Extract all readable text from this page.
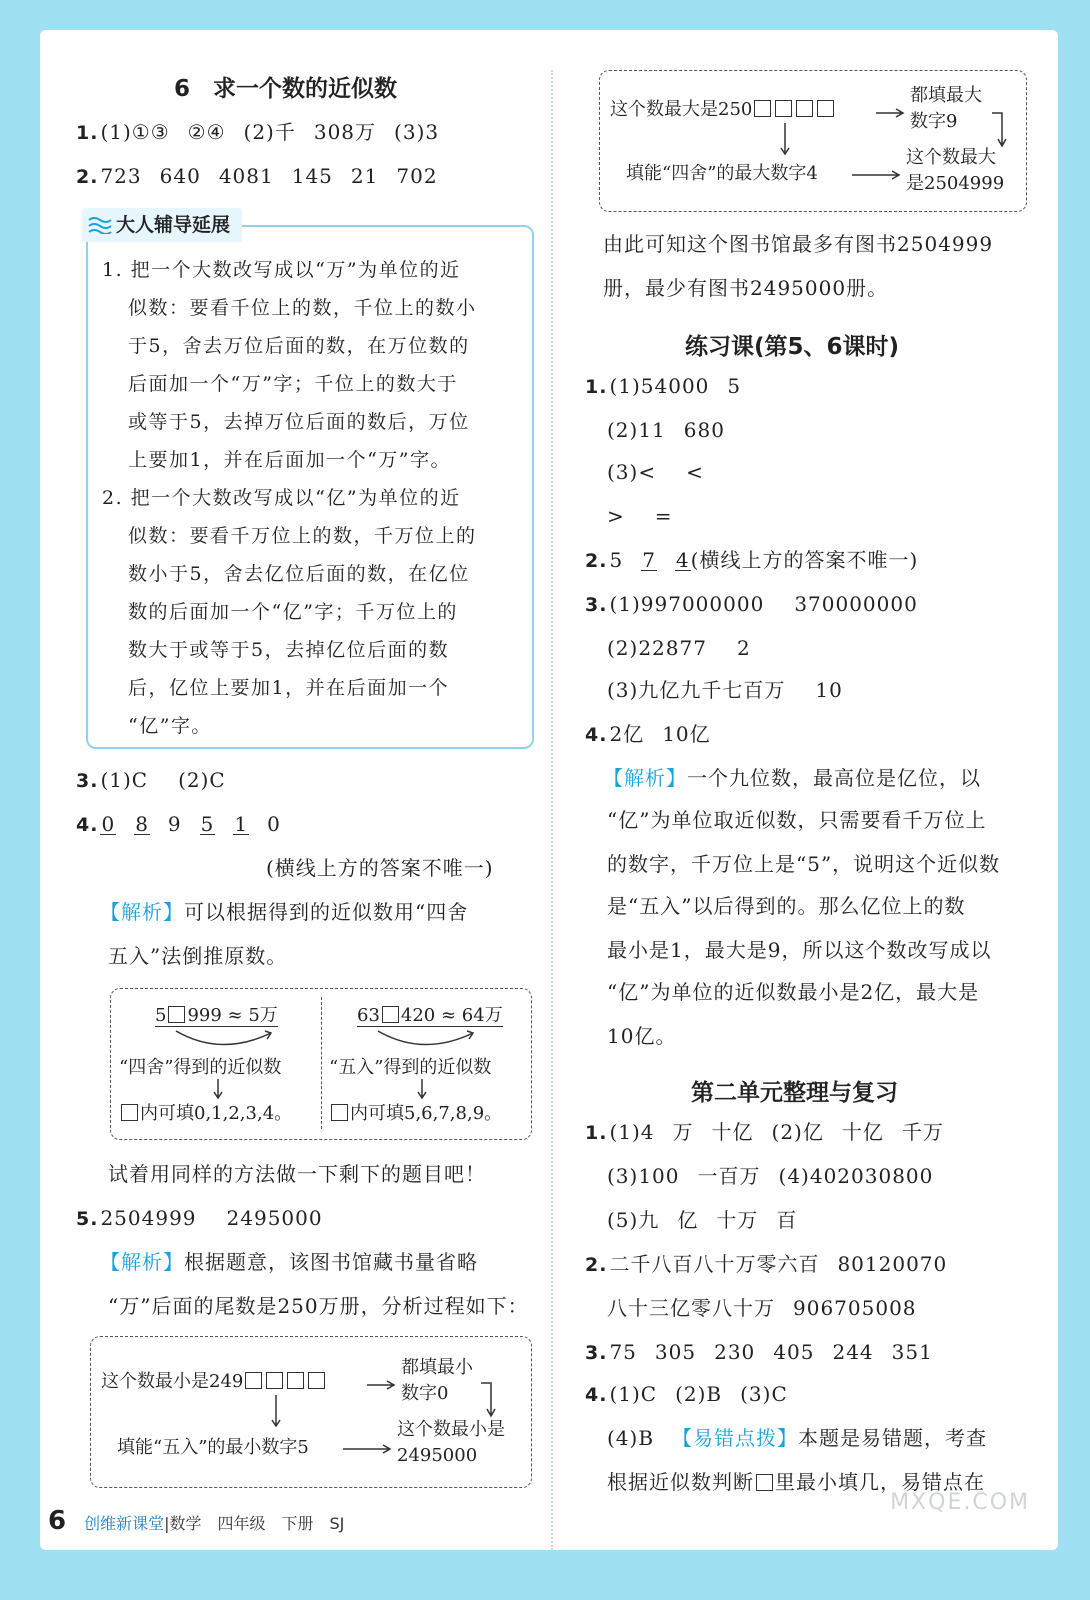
6　求一个数的近似数
1. (1)①③ ②④ (2)千 308万 (3)3
2. 723 640 4081 145 21 702
1. 把一个大数改写成以“万”为单位的近
似数：要看千位上的数，千位上的数小
于5，舍去万位后面的数，在万位数的
后面加一个“万”字；千位上的数大于
或等于5，去掉万位后面的数后，万位
上要加1，并在后面加一个“万”字。
2. 把一个大数改写成以“亿”为单位的近
似数：要看千万位上的数，千万位上的
数小于5，舍去亿位后面的数，在亿位
数的后面加一个“亿”字；千万位上的
数大于或等于5，去掉亿位后面的数
后，亿位上要加1，并在后面加一个
“亿”字。
大人辅导延展
3. (1)C (2)C
4. 0 8 9 5 1 0
(横线上方的答案不唯一)
【解析】可以根据得到的近似数用“四舍
五入”法倒推原数。
5 999 ≈ 5万
“四舍”得到的近似数
内可填0,1,2,3,4。
63 420 ≈ 64万
“五入”得到的近似数
内可填5,6,7,8,9。
试着用同样的方法做一下剩下的题目吧！
5. 2504999 2495000
【解析】根据题意，该图书馆藏书量省略
“万”后面的尾数是250万册，分析过程如下：
这个数最小是249
都填最小
数字0
填能“五入”的最小数字5
这个数最小是
2495000
这个数最大是250
都填最大
数字9
填能“四舍”的最大数字4
这个数最大
是2504999
由此可知这个图书馆最多有图书2504999
册，最少有图书2495000册。
练习课(第5、6课时)
1. (1)54000 5
(2)11 680
(3)< <
> =
2. 5 7 4(横线上方的答案不唯一)
3. (1)997000000 370000000
(2)22877 2
(3)九亿九千七百万 10
4. 2亿 10亿
【解析】一个九位数，最高位是亿位，以
“亿”为单位取近似数，只需要看千万位上
的数字，千万位上是“5”，说明这个近似数
是“五入”以后得到的。那么亿位上的数
最小是1，最大是9，所以这个数改写成以
“亿”为单位的近似数最小是2亿，最大是
10亿。
第二单元整理与复习
1. (1)4 万 十亿 (2)亿 十亿 千万
(3)100 一百万 (4)402030800
(5)九 亿 十万 百
2. 二千八百八十万零六百 80120070
八十三亿零八十万 906705008
3. 75 305 230 405 244 351
4. (1)C (2)B (3)C
(4)B 【易错点拨】本题是易错题，考查
根据近似数判断 里最小填几，易错点在
6 创维新课堂|数学　四年级　下册　SJ
MXQE.COM
